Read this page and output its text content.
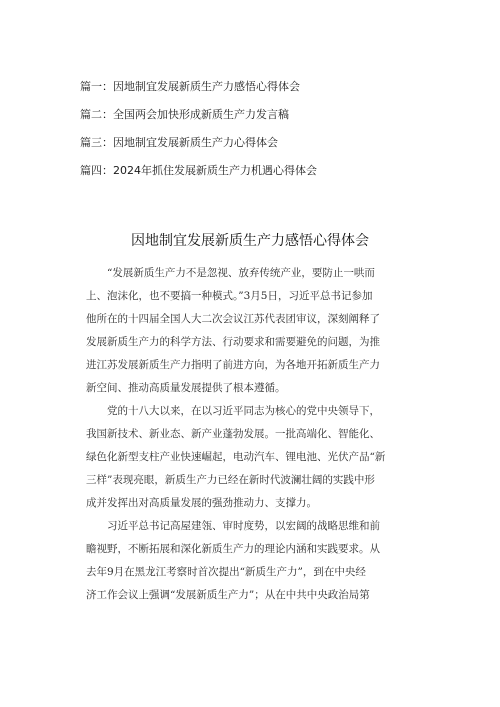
篇一：因地制宜发展新质生产力感悟心得体会
篇二：全国两会加快形成新质生产力发言稿
篇三：因地制宜发展新质生产力心得体会
篇四：2024年抓住发展新质生产力机遇心得体会
因地制宜发展新质生产力感悟心得体会
“发展新质生产力不是忽视、放弃传统产业，要防止一哄而
上、泡沫化，也不要搞一种模式。”3月5日，习近平总书记参加
他所在的十四届全国人大二次会议江苏代表团审议，深刻阐释了
发展新质生产力的科学方法、行动要求和需要避免的问题，为推
进江苏发展新质生产力指明了前进方向，为各地开拓新质生产力
新空间、推动高质量发展提供了根本遵循。
党的十八大以来，在以习近平同志为核心的党中央领导下，
我国新技术、新业态、新产业蓬勃发展。一批高端化、智能化、
绿色化新型支柱产业快速崛起，电动汽车、锂电池、光伏产品“新
三样”表现亮眼，新质生产力已经在新时代波澜壮阔的实践中形
成并发挥出对高质量发展的强劲推动力、支撑力。
习近平总书记高屋建瓴、审时度势，以宏阔的战略思维和前
瞻视野，不断拓展和深化新质生产力的理论内涵和实践要求。从
去年9月在黑龙江考察时首次提出“新质生产力”，到在中央经
济工作会议上强调“发展新质生产力”；从在中共中央政治局第
